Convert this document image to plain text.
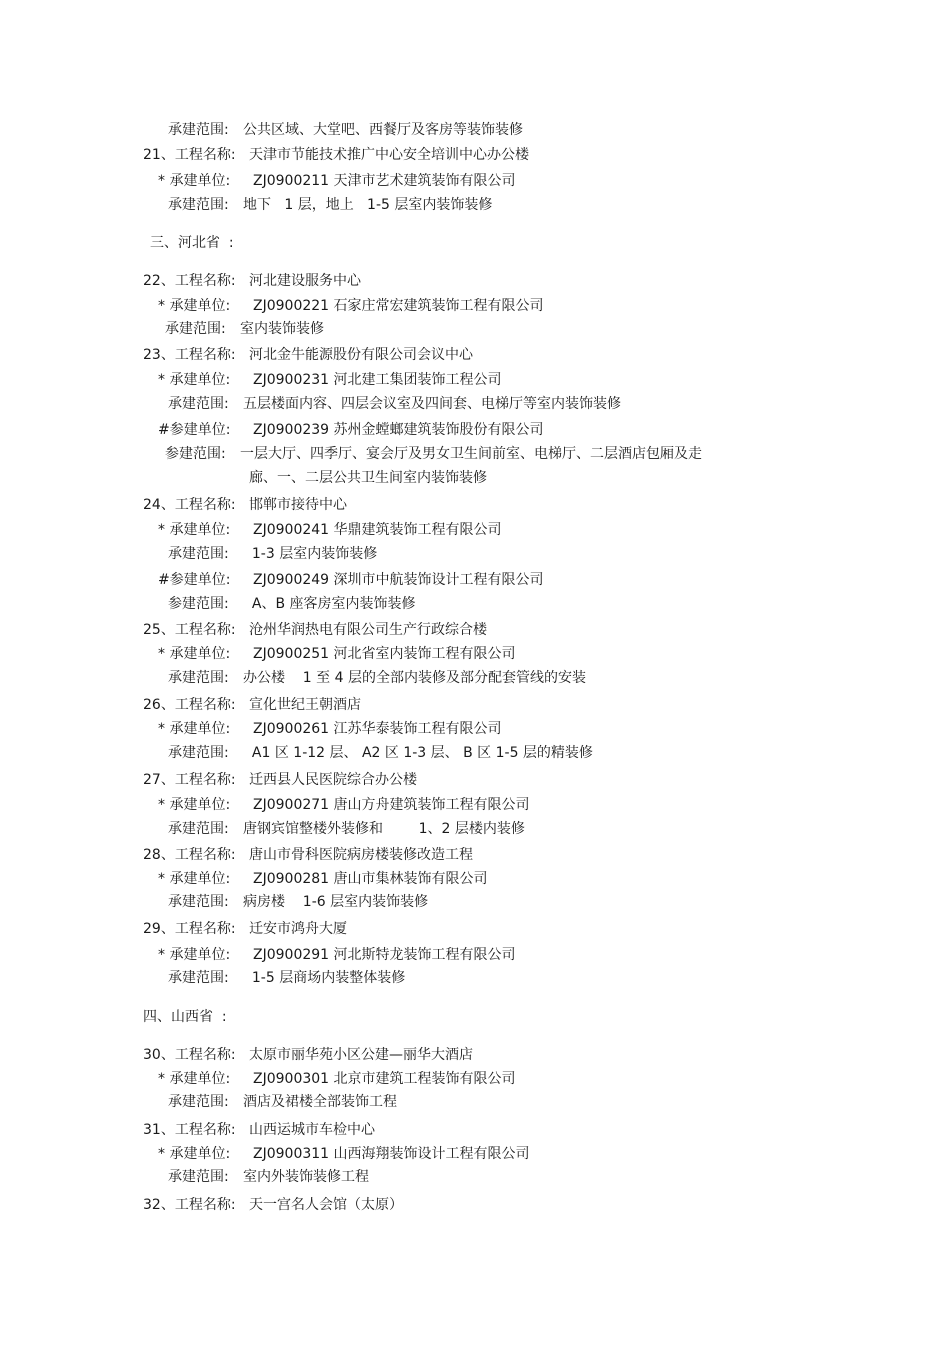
承建范围: 公共区域、大堂吧、西餐厅及客房等装饰装修
21、工程名称: 天津市节能技术推广中心安全培训中心办公楼
* 承建单位: ZJ0900211 天津市艺术建筑装饰有限公司
承建范围: 地下   1 层，地上   1-5 层室内装饰装修
三、河北省  :
22、工程名称: 河北建设服务中心
* 承建单位: ZJ0900221 石家庄常宏建筑装饰工程有限公司
承建范围: 室内装饰装修
23、工程名称: 河北金牛能源股份有限公司会议中心
* 承建单位: ZJ0900231 河北建工集团装饰工程公司
承建范围: 五层楼面内容、四层会议室及四间套、电梯厅等室内装饰装修
#参建单位: ZJ0900239 苏州金螳螂建筑装饰股份有限公司
参建范围: 一层大厅、四季厅、宴会厅及男女卫生间前室、电梯厅、二层酒店包厢及走
廊、一、二层公共卫生间室内装饰装修
24、工程名称: 邯郸市接待中心
* 承建单位: ZJ0900241 华鼎建筑装饰工程有限公司
承建范围: 1-3 层室内装饰装修
#参建单位: ZJ0900249 深圳市中航装饰设计工程有限公司
参建范围: A、B 座客房室内装饰装修
25、工程名称: 沧州华润热电有限公司生产行政综合楼
* 承建单位: ZJ0900251 河北省室内装饰工程有限公司
承建范围: 办公楼    1 至 4 层的全部内装修及部分配套管线的安装
26、工程名称: 宣化世纪王朝酒店
* 承建单位: ZJ0900261 江苏华泰装饰工程有限公司
承建范围: A1 区 1-12 层、 A2 区 1-3 层、 B 区 1-5 层的精装修
27、工程名称: 迁西县人民医院综合办公楼
* 承建单位: ZJ0900271 唐山方舟建筑装饰工程有限公司
承建范围: 唐钢宾馆整楼外装修和        1、2 层楼内装修
28、工程名称: 唐山市骨科医院病房楼装修改造工程
* 承建单位: ZJ0900281 唐山市集林装饰有限公司
承建范围: 病房楼    1-6 层室内装饰装修
29、工程名称: 迁安市鸿舟大厦
* 承建单位: ZJ0900291 河北斯特龙装饰工程有限公司
承建范围: 1-5 层商场内装整体装修
四、山西省  :
30、工程名称: 太原市丽华苑小区公建—丽华大酒店
* 承建单位: ZJ0900301 北京市建筑工程装饰有限公司
承建范围: 酒店及裙楼全部装饰工程
31、工程名称: 山西运城市车检中心
* 承建单位: ZJ0900311 山西海翔装饰设计工程有限公司
承建范围: 室内外装饰装修工程
32、工程名称: 天一宫名人会馆（太原）
